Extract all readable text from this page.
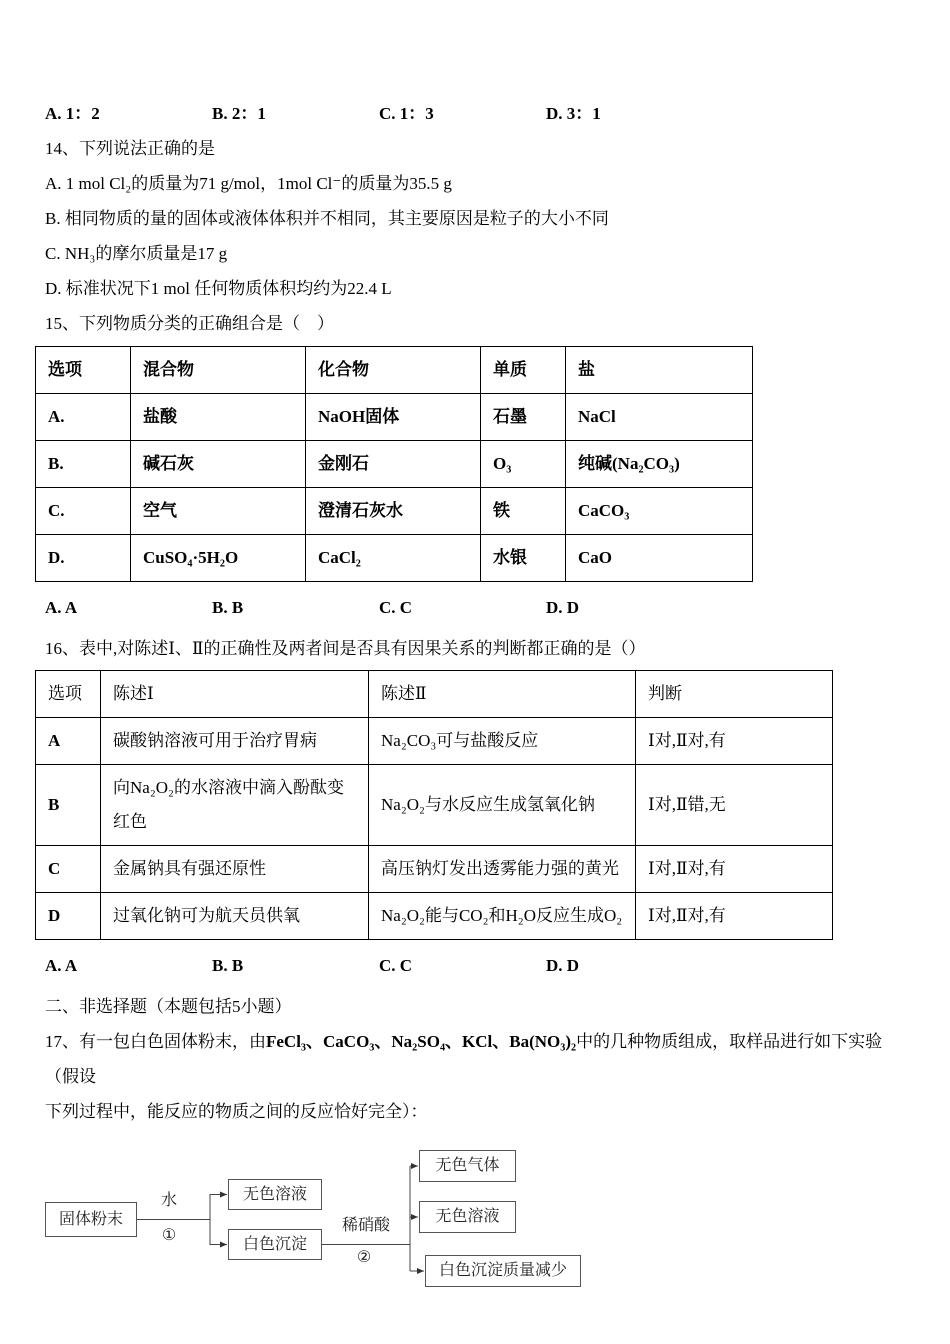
A. 1：2	B. 2：1	C. 1：3	D. 3：1
14、下列说法正确的是
A. 1 mol Cl₂的质量为71 g/mol，1mol Cl⁻的质量为35.5 g
B. 相同物质的量的固体或液体体积并不相同，其主要原因是粒子的大小不同
C. NH₃的摩尔质量是17 g
D. 标准状况下1 mol 任何物质体积均约为22.4 L
15、下列物质分类的正确组合是（　）
选项	混合物	化合物	单质	盐
A.	盐酸	NaOH固体	石墨	NaCl
B.	碱石灰	金刚石	O₃	纯碱(Na₂CO₃)
C.	空气	澄清石灰水	铁	CaCO₃
D.	CuSO₄·5H₂O	CaCl₂	水银	CaO
A. A	B. B	C. C	D. D
16、表中,对陈述Ⅰ、Ⅱ的正确性及两者间是否具有因果关系的判断都正确的是（）
选项	陈述Ⅰ	陈述Ⅱ	判断
A	碳酸钠溶液可用于治疗胃病	Na₂CO₃可与盐酸反应	Ⅰ对,Ⅱ对,有
B	向Na₂O₂的水溶液中滴入酚酞变红色	Na₂O₂与水反应生成氢氧化钠	Ⅰ对,Ⅱ错,无
C	金属钠具有强还原性	高压钠灯发出透雾能力强的黄光	Ⅰ对,Ⅱ对,有
D	过氧化钠可为航天员供氧	Na₂O₂能与CO₂和H₂O反应生成O₂	Ⅰ对,Ⅱ对,有
A. A	B. B	C. C	D. D
二、非选择题（本题包括5小题）
17、有一包白色固体粉末，由FeCl₃、CaCO₃、Na₂SO₄、KCl、Ba(NO₃)₂中的几种物质组成，取样品进行如下实验（假设
下列过程中，能反应的物质之间的反应恰好完全）：
固体粉末
水
①
无色溶液
白色沉淀
稀硝酸
②
无色气体
无色溶液
白色沉淀质量减少
